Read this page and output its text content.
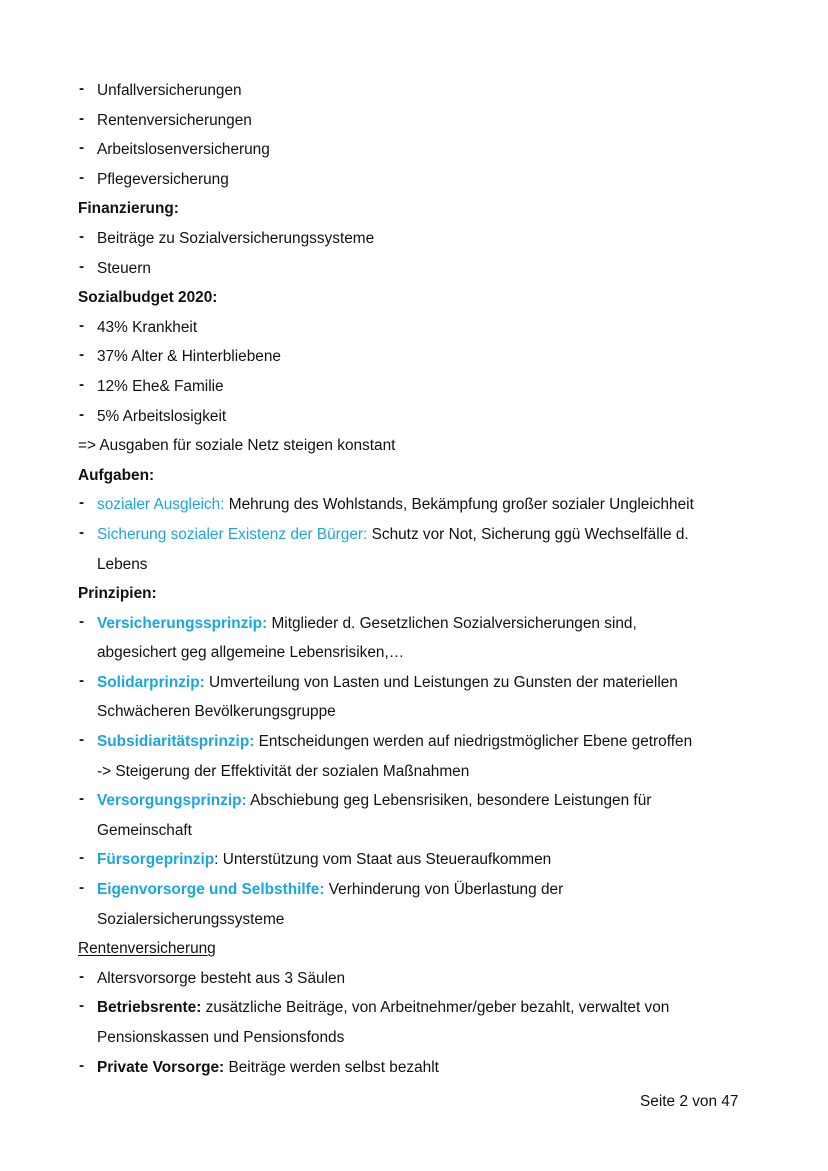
- Unfallversicherungen
- Rentenversicherungen
- Arbeitslosenversicherung
- Pflegeversicherung
Finanzierung:
- Beiträge zu Sozialversicherungssysteme
- Steuern
Sozialbudget 2020:
- 43% Krankheit
- 37% Alter & Hinterbliebene
- 12% Ehe& Familie
- 5% Arbeitslosigkeit
=> Ausgaben für soziale Netz steigen konstant
Aufgaben:
- sozialer Ausgleich: Mehrung des Wohlstands, Bekämpfung großer sozialer Ungleichheit
- Sicherung sozialer Existenz der Bürger: Schutz vor Not, Sicherung ggü Wechselfälle d.
Lebens
Prinzipien:
- Versicherungssprinzip: Mitglieder d. Gesetzlichen Sozialversicherungen sind,
abgesichert geg allgemeine Lebensrisiken,…
- Solidarprinzip: Umverteilung von Lasten und Leistungen zu Gunsten der materiellen
Schwächeren Bevölkerungsgruppe
- Subsidiaritätsprinzip: Entscheidungen werden auf niedrigstmöglicher Ebene getroffen
-> Steigerung der Effektivität der sozialen Maßnahmen
- Versorgungsprinzip: Abschiebung geg Lebensrisiken, besondere Leistungen für
Gemeinschaft
- Fürsorgeprinzip: Unterstützung vom Staat aus Steueraufkommen
- Eigenvorsorge und Selbsthilfe: Verhinderung von Überlastung der
Sozialersicherungssysteme
Rentenversicherung
- Altersvorsorge besteht aus 3 Säulen
- Betriebsrente: zusätzliche Beiträge, von Arbeitnehmer/geber bezahlt, verwaltet von
Pensionskassen und Pensionsfonds
- Private Vorsorge: Beiträge werden selbst bezahlt
Seite 2 von 47
